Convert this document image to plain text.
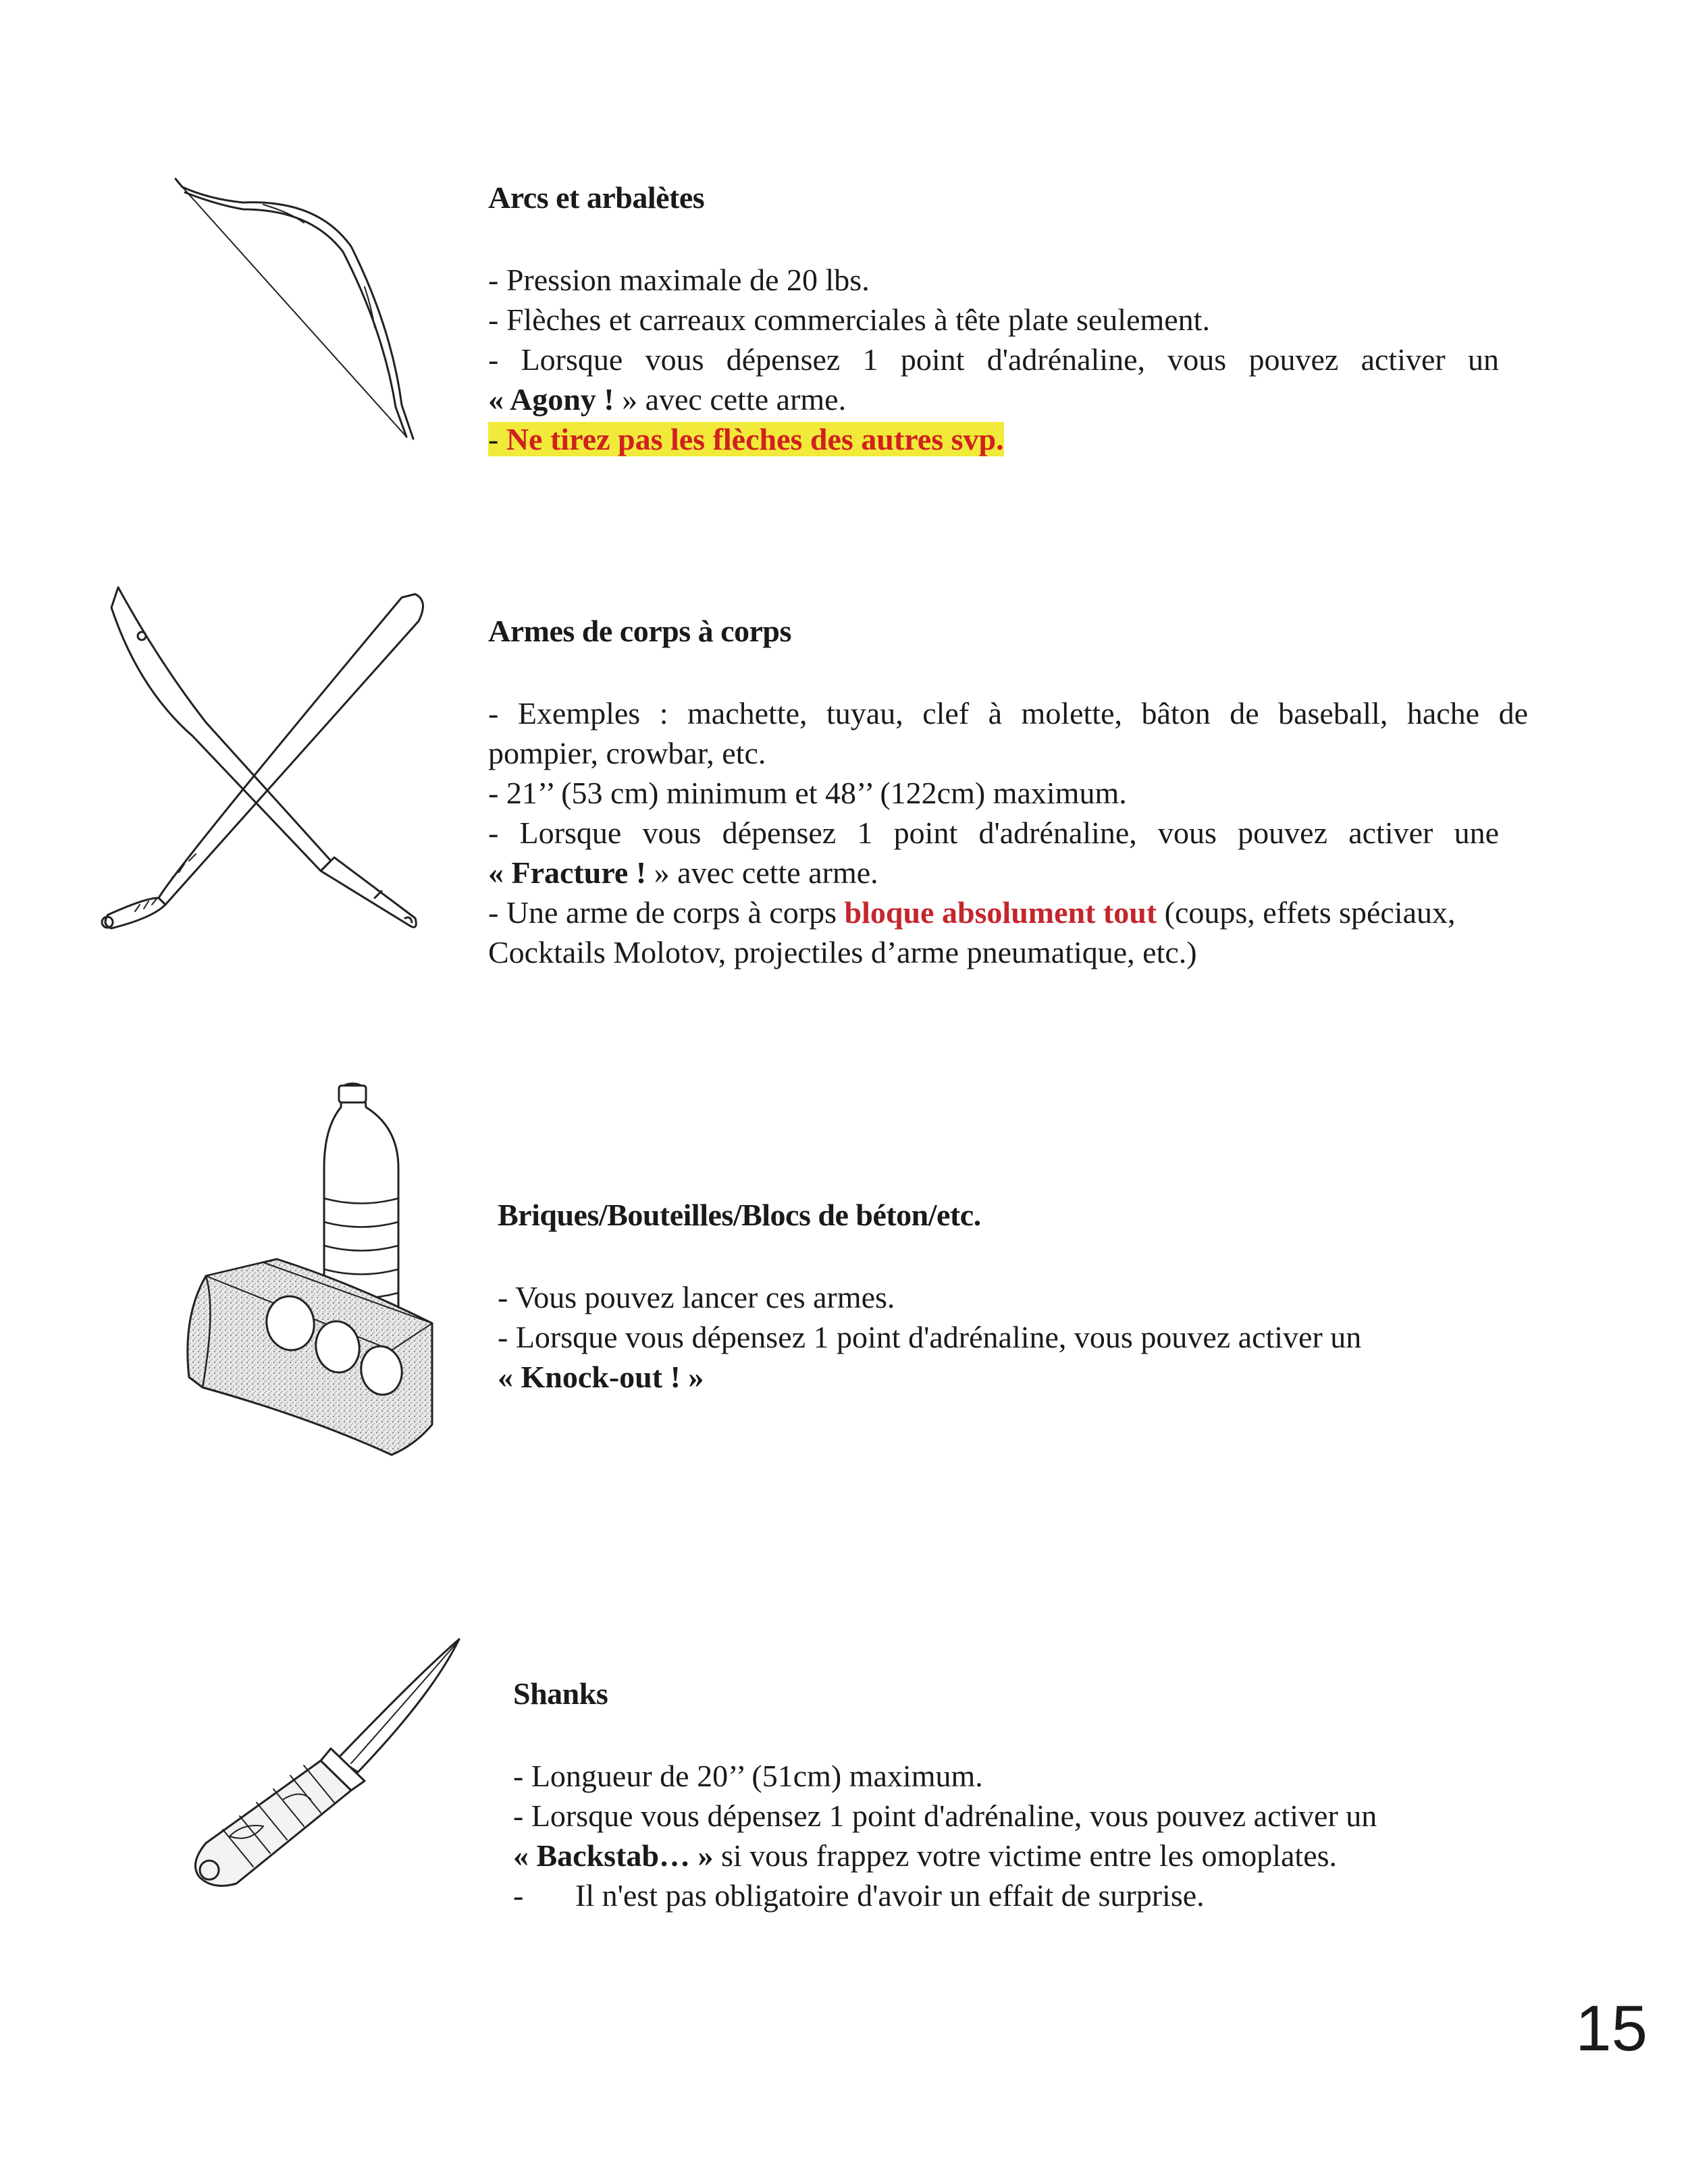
Arcs et arbalètes
- Pression maximale de 20 lbs.
- Flèches et carreaux commerciales à tête plate seulement.
- Lorsque vous dépensez 1 point d'adrénaline, vous pouvez activer un
« Agony ! » avec cette arme.
- Ne tirez pas les flèches des autres svp.
Armes de corps à corps
- Exemples : machette, tuyau, clef à molette, bâton de baseball, hache de
pompier, crowbar, etc.
- 21’’ (53 cm) minimum et 48’’ (122cm) maximum.
- Lorsque vous dépensez 1 point d'adrénaline, vous pouvez activer une
« Fracture ! » avec cette arme.
- Une arme de corps à corps bloque absolument tout (coups, effets spéciaux,
Cocktails Molotov, projectiles d’arme pneumatique, etc.)
Briques/Bouteilles/Blocs de béton/etc.
- Vous pouvez lancer ces armes.
- Lorsque vous dépensez 1 point d'adrénaline, vous pouvez activer un
« Knock-out ! »
Shanks
- Longueur de 20’’ (51cm) maximum.
- Lorsque vous dépensez 1 point d'adrénaline, vous pouvez activer un
« Backstab… » si vous frappez votre victime entre les omoplates.
- Il n'est pas obligatoire d'avoir un effait de surprise.
15
